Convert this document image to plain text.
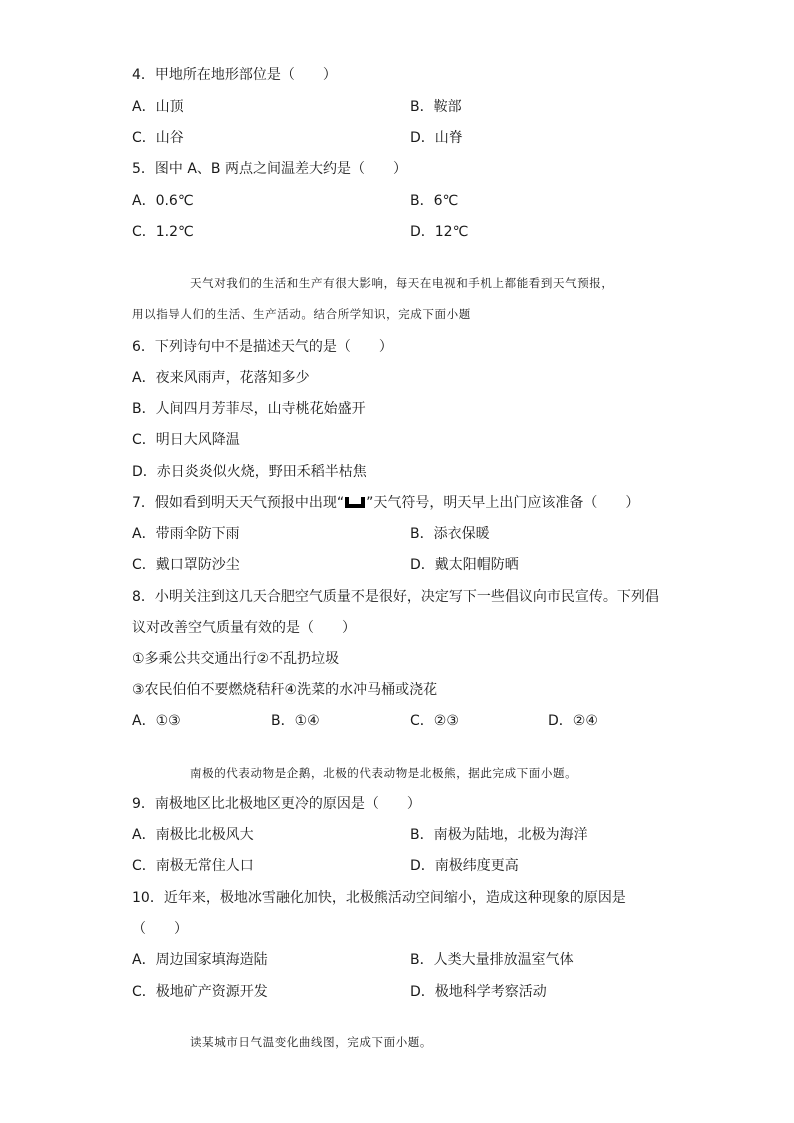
4．甲地所在地形部位是（　　）
A．山顶	B．鞍部
C．山谷	D．山脊
5．图中 A、B 两点之间温差大约是（　　）
A．0.6℃	B．6℃
C．1.2℃	D．12℃
天气对我们的生活和生产有很大影响，每天在电视和手机上都能看到天气预报，
用以指导人们的生活、生产活动。结合所学知识，完成下面小题
6．下列诗句中不是描述天气的是（　　）
A．夜来风雨声，花落知多少
B．人间四月芳菲尽，山寺桃花始盛开
C．明日大风降温
D．赤日炎炎似火烧，野田禾稻半枯焦
7．假如看到明天天气预报中出现“ ”天气符号，明天早上出门应该准备（　　）
A．带雨伞防下雨	B．添衣保暖
C．戴口罩防沙尘	D．戴太阳帽防晒
8．小明关注到这几天合肥空气质量不是很好，决定写下一些倡议向市民宣传。下列倡
议对改善空气质量有效的是（　　）
①多乘公共交通出行②不乱扔垃圾
③农民伯伯不要燃烧秸秆④洗菜的水冲马桶或浇花
A．①③	B．①④	C．②③	D．②④
南极的代表动物是企鹅，北极的代表动物是北极熊，据此完成下面小题。
9．南极地区比北极地区更冷的原因是（　　）
A．南极比北极风大	B．南极为陆地，北极为海洋
C．南极无常住人口	D．南极纬度更高
10．近年来，极地冰雪融化加快，北极熊活动空间缩小，造成这种现象的原因是
（　　）
A．周边国家填海造陆	B．人类大量排放温室气体
C．极地矿产资源开发	D．极地科学考察活动
读某城市日气温变化曲线图，完成下面小题。
